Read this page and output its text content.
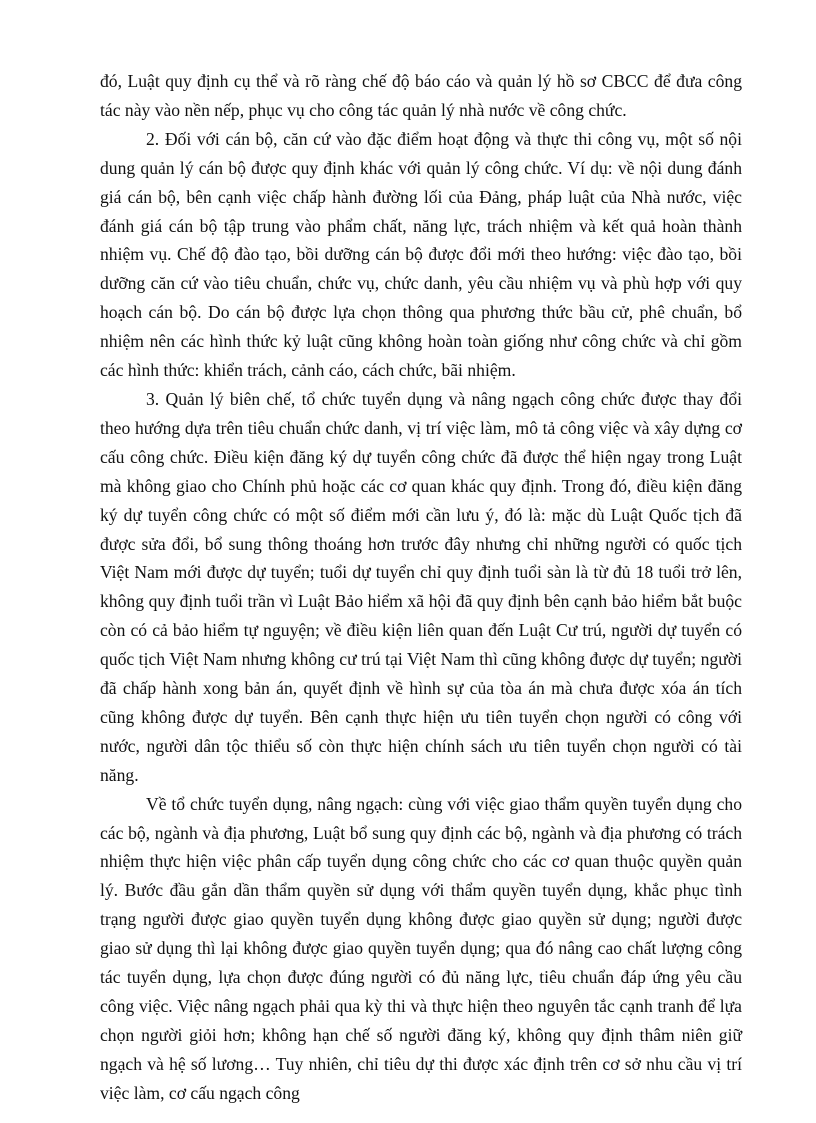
đó, Luật quy định cụ thể và rõ ràng chế độ báo cáo và quản lý hồ sơ CBCC để đưa công tác này vào nền nếp, phục vụ cho công tác quản lý nhà nước về công chức.

2. Đối với cán bộ, căn cứ vào đặc điểm hoạt động và thực thi công vụ, một số nội dung quản lý cán bộ được quy định khác với quản lý công chức. Ví dụ: về nội dung đánh giá cán bộ, bên cạnh việc chấp hành đường lối của Đảng, pháp luật của Nhà nước, việc đánh giá cán bộ tập trung vào phẩm chất, năng lực, trách nhiệm và kết quả hoàn thành nhiệm vụ. Chế độ đào tạo, bồi dưỡng cán bộ được đổi mới theo hướng: việc đào tạo, bồi dưỡng căn cứ vào tiêu chuẩn, chức vụ, chức danh, yêu cầu nhiệm vụ và phù hợp với quy hoạch cán bộ. Do cán bộ được lựa chọn thông qua phương thức bầu cử, phê chuẩn, bổ nhiệm nên các hình thức kỷ luật cũng không hoàn toàn giống như công chức và chỉ gồm các hình thức: khiển trách, cảnh cáo, cách chức, bãi nhiệm.

3. Quản lý biên chế, tổ chức tuyển dụng và nâng ngạch công chức được thay đổi theo hướng dựa trên tiêu chuẩn chức danh, vị trí việc làm, mô tả công việc và xây dựng cơ cấu công chức. Điều kiện đăng ký dự tuyển công chức đã được thể hiện ngay trong Luật mà không giao cho Chính phủ hoặc các cơ quan khác quy định. Trong đó, điều kiện đăng ký dự tuyển công chức có một số điểm mới cần lưu ý, đó là: mặc dù Luật Quốc tịch đã được sửa đổi, bổ sung thông thoáng hơn trước đây nhưng chỉ những người có quốc tịch Việt Nam mới được dự tuyển; tuổi dự tuyển chỉ quy định tuổi sàn là từ đủ 18 tuổi trở lên, không quy định tuổi trần vì Luật Bảo hiểm xã hội đã quy định bên cạnh bảo hiểm bắt buộc còn có cả bảo hiểm tự nguyện; về điều kiện liên quan đến Luật Cư trú, người dự tuyển có quốc tịch Việt Nam nhưng không cư trú tại Việt Nam thì cũng không được dự tuyển; người đã chấp hành xong bản án, quyết định về hình sự của tòa án mà chưa được xóa án tích cũng không được dự tuyển. Bên cạnh thực hiện ưu tiên tuyển chọn người có công với nước, người dân tộc thiểu số còn thực hiện chính sách ưu tiên tuyển chọn người có tài năng.

Về tổ chức tuyển dụng, nâng ngạch: cùng với việc giao thẩm quyền tuyển dụng cho các bộ, ngành và địa phương, Luật bổ sung quy định các bộ, ngành và địa phương có trách nhiệm thực hiện việc phân cấp tuyển dụng công chức cho các cơ quan thuộc quyền quản lý. Bước đầu gắn dần thẩm quyền sử dụng với thẩm quyền tuyển dụng, khắc phục tình trạng người được giao quyền tuyển dụng không được giao quyền sử dụng; người được giao sử dụng thì lại không được giao quyền tuyển dụng; qua đó nâng cao chất lượng công tác tuyển dụng, lựa chọn được đúng người có đủ năng lực, tiêu chuẩn đáp ứng yêu cầu công việc. Việc nâng ngạch phải qua kỳ thi và thực hiện theo nguyên tắc cạnh tranh để lựa chọn người giỏi hơn; không hạn chế số người đăng ký, không quy định thâm niên giữ ngạch và hệ số lương… Tuy nhiên, chỉ tiêu dự thi được xác định trên cơ sở nhu cầu vị trí việc làm, cơ cấu ngạch công
